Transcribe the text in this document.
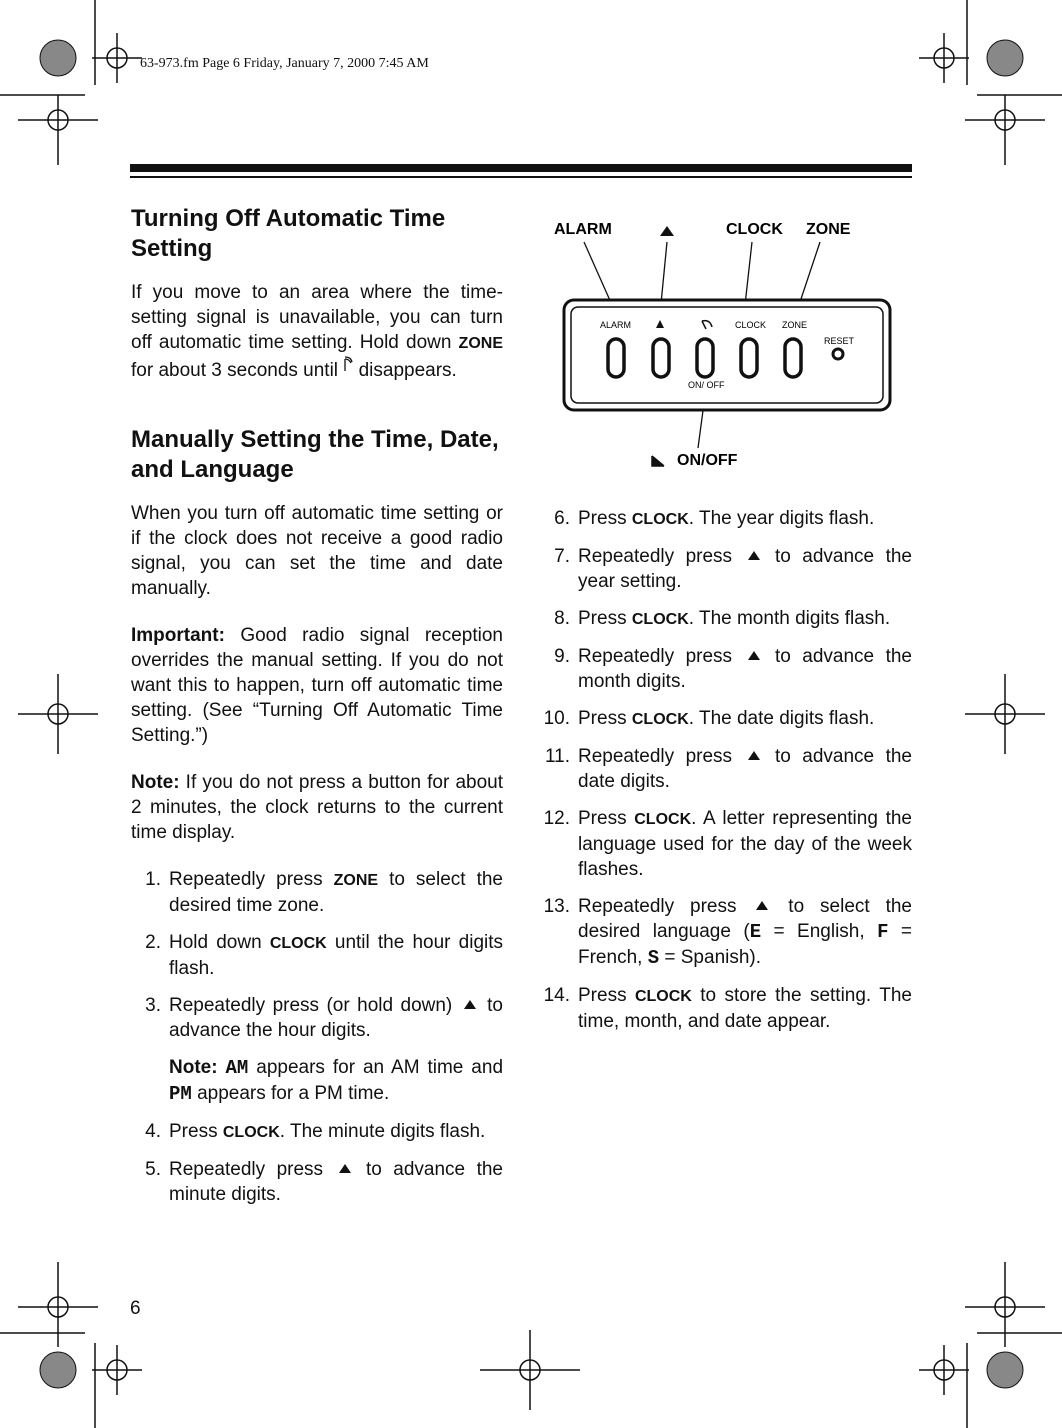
63-973.fm Page 6 Friday, January 7, 2000 7:45 AM
Turning Off Automatic Time Setting

If you move to an area where the time-setting signal is unavailable, you can turn off automatic time setting. Hold down ZONE for about 3 seconds until  disappears.

Manually Setting the Time, Date, and Language

When you turn off automatic time setting or if the clock does not receive a good radio signal, you can set the time and date manually.

Important: Good radio signal reception overrides the manual setting. If you do not want this to happen, turn off automatic time setting. (See “Turning Off Automatic Time Setting.”)

Note: If you do not press a button for about 2 minutes, the clock returns to the current time display.

1. Repeatedly press ZONE to select the desired time zone.
2. Hold down CLOCK until the hour digits flash.
3. Repeatedly press (or hold down)  to advance the hour digits.
Note: AM appears for an AM time and PM appears for a PM time.
4. Press CLOCK. The minute digits flash.
5. Repeatedly press  to advance the minute digits.
ALARM	CLOCK ZONE
ALARM	CLOCK ZONE
RESET
ON/ OFF
ON/OFF
6. Press CLOCK. The year digits flash.
7. Repeatedly press  to advance the year setting.
8. Press CLOCK. The month digits flash.
9. Repeatedly press  to advance the month digits.
10. Press CLOCK. The date digits flash.
11. Repeatedly press  to advance the date digits.
12. Press CLOCK. A letter representing the language used for the day of the week flashes.
13. Repeatedly press  to select the desired language (E = English, F = French, S = Spanish).
14. Press CLOCK to store the setting. The time, month, and date appear.
6
